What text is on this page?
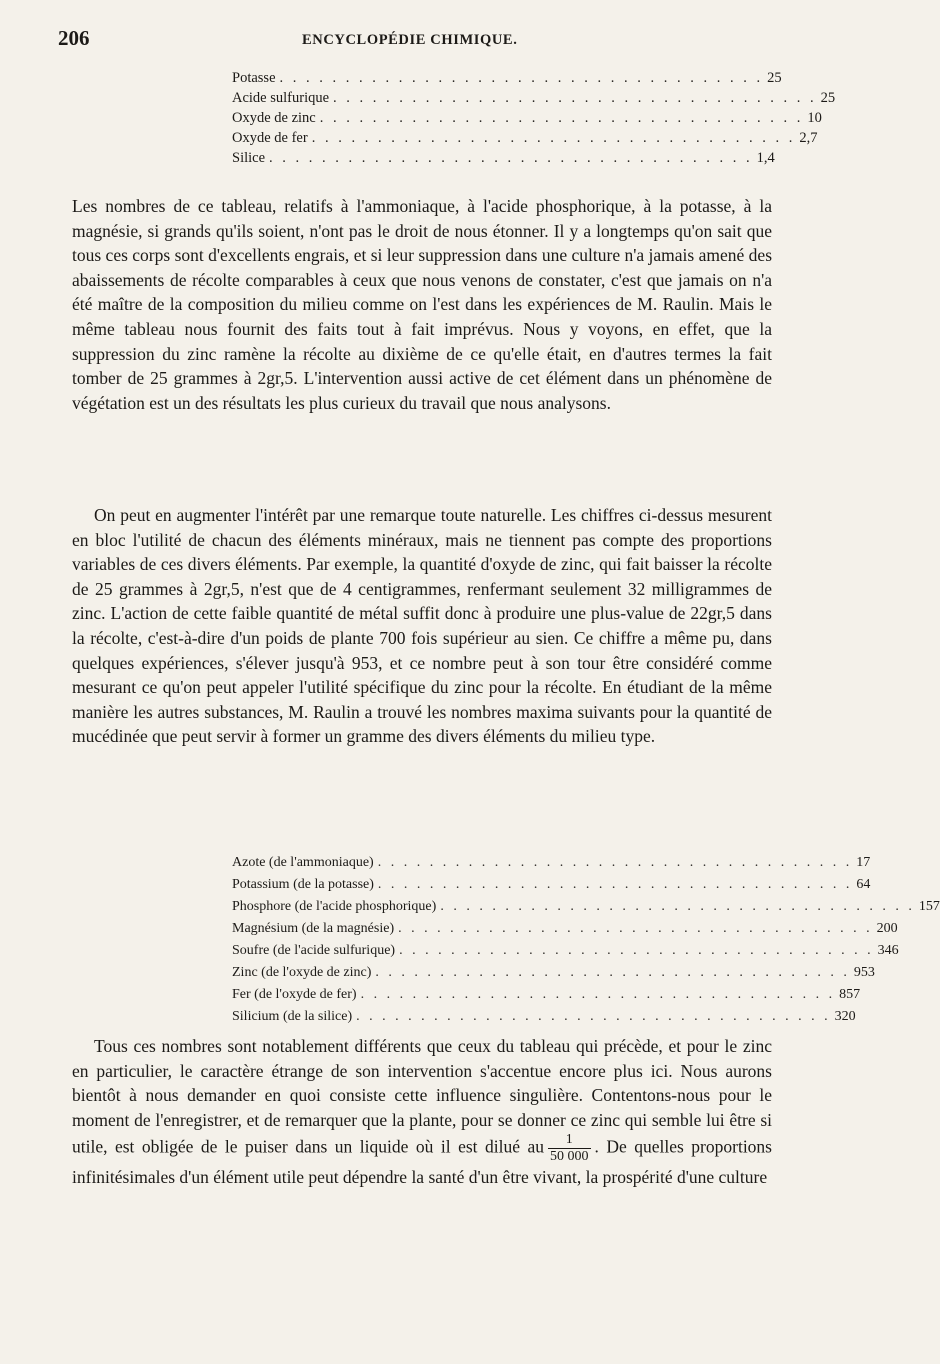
206	ENCYCLOPÉDIE CHIMIQUE.
Potasse . . . . . . . . . . . . . . . . . . . . . . . . . . . . . . . . . . . . . 25
Acide sulfurique . . . . . . . . . . . . . . . . . . . . . . . . . . . . . . . . . . . . . 25
Oxyde de zinc . . . . . . . . . . . . . . . . . . . . . . . . . . . . . . . . . . . . . 10
Oxyde de fer . . . . . . . . . . . . . . . . . . . . . . . . . . . . . . . . . . . . . 2,7
Silice . . . . . . . . . . . . . . . . . . . . . . . . . . . . . . . . . . . . . 1,4

Les nombres de ce tableau, relatifs à l'ammoniaque, à l'acide phosphorique, à la potasse, à la magnésie, si grands qu'ils soient, n'ont pas le droit de nous étonner. Il y a longtemps qu'on sait que tous ces corps sont d'excellents engrais, et si leur suppression dans une culture n'a jamais amené des abaissements de récolte comparables à ceux que nous venons de constater, c'est que jamais on n'a été maître de la composition du milieu comme on l'est dans les expériences de M. Raulin. Mais le même tableau nous fournit des faits tout à fait imprévus. Nous y voyons, en effet, que la suppression du zinc ramène la récolte au dixième de ce qu'elle était, en d'autres termes la fait tomber de 25 grammes à 2gr,5. L'intervention aussi active de cet élément dans un phénomène de végétation est un des résultats les plus curieux du travail que nous analysons.

On peut en augmenter l'intérêt par une remarque toute naturelle. Les chiffres ci-dessus mesurent en bloc l'utilité de chacun des éléments minéraux, mais ne tiennent pas compte des proportions variables de ces divers éléments. Par exemple, la quantité d'oxyde de zinc, qui fait baisser la récolte de 25 grammes à 2gr,5, n'est que de 4 centigrammes, renfermant seulement 32 milligrammes de zinc. L'action de cette faible quantité de métal suffit donc à produire une plus-value de 22gr,5 dans la récolte, c'est-à-dire d'un poids de plante 700 fois supérieur au sien. Ce chiffre a même pu, dans quelques expériences, s'élever jusqu'à 953, et ce nombre peut à son tour être considéré comme mesurant ce qu'on peut appeler l'utilité spécifique du zinc pour la récolte. En étudiant de la même manière les autres substances, M. Raulin a trouvé les nombres maxima suivants pour la quantité de mucédinée que peut servir à former un gramme des divers éléments du milieu type.

Azote (de l'ammoniaque) . . . . . . . . . . . . . . . . . . . . . . . . . . . . . . . . . . . . . 17
Potassium (de la potasse) . . . . . . . . . . . . . . . . . . . . . . . . . . . . . . . . . . . . . 64
Phosphore (de l'acide phosphorique) . . . . . . . . . . . . . . . . . . . . . . . . . . . . . . . . . . . . . 157
Magnésium (de la magnésie) . . . . . . . . . . . . . . . . . . . . . . . . . . . . . . . . . . . . . 200
Soufre (de l'acide sulfurique) . . . . . . . . . . . . . . . . . . . . . . . . . . . . . . . . . . . . . 346
Zinc (de l'oxyde de zinc) . . . . . . . . . . . . . . . . . . . . . . . . . . . . . . . . . . . . . 953
Fer (de l'oxyde de fer) . . . . . . . . . . . . . . . . . . . . . . . . . . . . . . . . . . . . . 857
Silicium (de la silice) . . . . . . . . . . . . . . . . . . . . . . . . . . . . . . . . . . . . . 320

Tous ces nombres sont notablement différents que ceux du tableau qui précède, et pour le zinc en particulier, le caractère étrange de son intervention s'accentue encore plus ici. Nous aurons bientôt à nous demander en quoi consiste cette influence singulière. Contentons-nous pour le moment de l'enregistrer, et de remarquer que la plante, pour se donner ce zinc qui semble lui être si utile, est obligée de le puiser dans un liquide où il est dilué au $\frac{1}{50 000}$ . De quelles proportions infinitésimales d'un élément utile peut dépendre la santé d'un être vivant, la prospérité d'une culture
